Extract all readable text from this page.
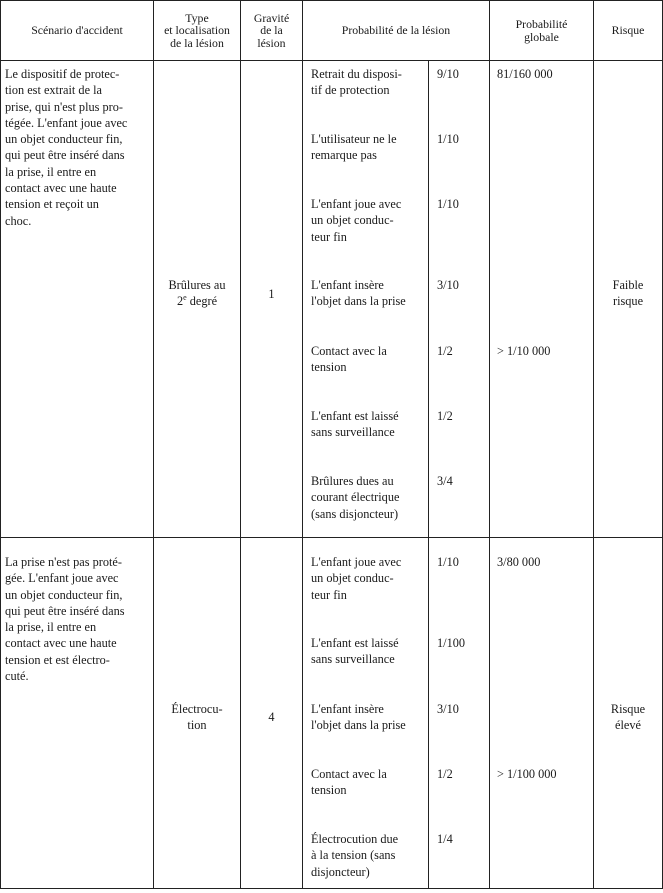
Scénario d'accident
Type
et localisation
de la lésion
Gravité
de la
lésion
Probabilité de la lésion	Probabilité
globale	Risque
Le dispositif de protec-
tion est extrait de la
prise, qui n'est plus pro-
tégée. L'enfant joue avec
un objet conducteur fin,
qui peut être inséré dans
la prise, il entre en
contact avec une haute
tension et reçoit un
choc.
Brûlures au
2e degré
1
Retrait du disposi-
tif de protection
9/10
L'utilisateur ne le
remarque pas
1/10
L'enfant joue avec
un objet conduc-
teur fin
1/10
L'enfant insère
l'objet dans la prise
3/10
Contact avec la
tension
1/2
L'enfant est laissé
sans surveillance
1/2
Brûlures dues au
courant électrique
(sans disjoncteur)
3/4
81/160 000
> 1/10 000
Faible
risque
La prise n'est pas proté-
gée. L'enfant joue avec
un objet conducteur fin,
qui peut être inséré dans
la prise, il entre en
contact avec une haute
tension et est électro-
cuté.
Électrocu-
tion
4
L'enfant joue avec
un objet conduc-
teur fin
1/10
L'enfant est laissé
sans surveillance
1/100
L'enfant insère
l'objet dans la prise
3/10
Contact avec la
tension
1/2
Électrocution due
à la tension (sans
disjoncteur)
1/4
3/80 000
> 1/100 000
Risque
élevé
